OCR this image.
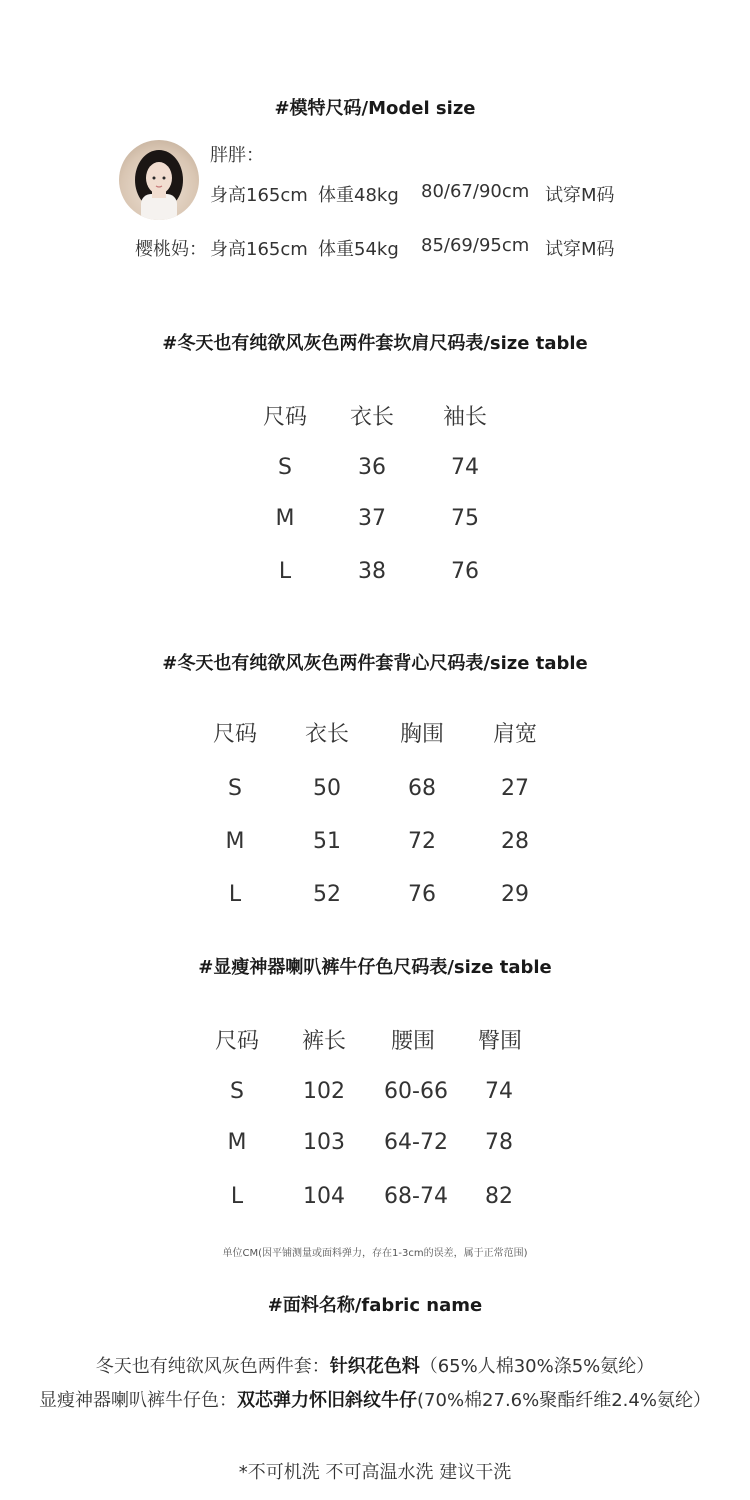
#模特尺码/Model size
胖胖：
身高165cm 体重48kg 80/67/90cm 试穿M码
樱桃妈： 身高165cm 体重54kg 85/69/95cm 试穿M码
#冬天也有纯欲风灰色两件套坎肩尺码表/size table
尺码	衣长	袖长
S	36	74
M	37	75
L	38	76
#冬天也有纯欲风灰色两件套背心尺码表/size table
尺码	衣长	胸围	肩宽
S	50	68	27
M	51	72	28
L	52	76	29
#显瘦神器喇叭裤牛仔色尺码表/size table
尺码	裤长	腰围	臀围
S	102	60-66	74
M	103	64-72	78
L	104	68-74	82
单位CM(因平铺测量或面料弹力，存在1-3cm的误差，属于正常范围)
#面料名称/fabric name
冬天也有纯欲风灰色两件套：针织花色料（65%人棉30%涤5%氨纶）
显瘦神器喇叭裤牛仔色：双芯弹力怀旧斜纹牛仔(70%棉27.6%聚酯纤维2.4%氨纶）
*不可机洗 不可高温水洗 建议干洗
